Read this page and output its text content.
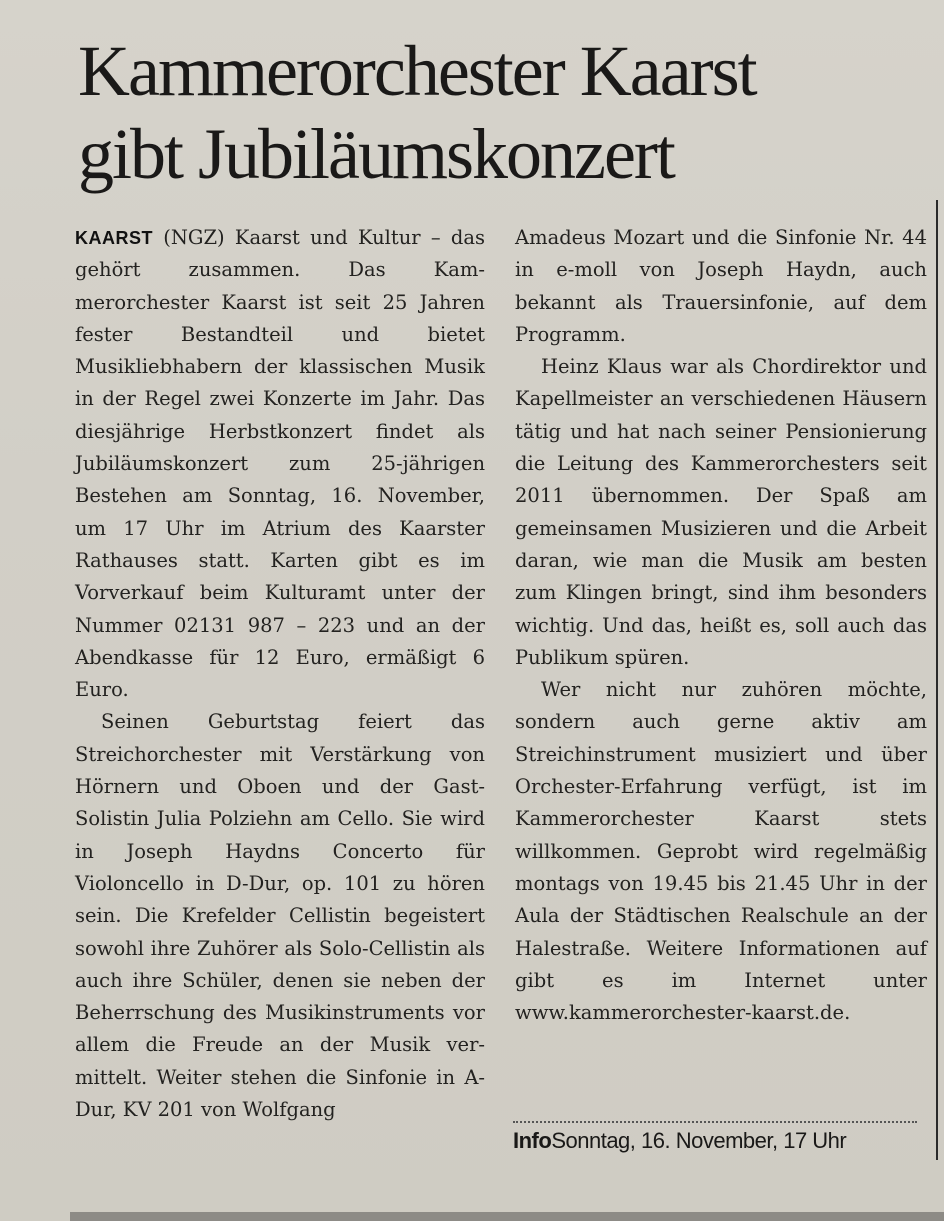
Kammerorchester Kaarst
gibt Jubiläumskonzert

KAARST (NGZ) Kaarst und Kultur – das gehört zusammen. Das Kammerorchester Kaarst ist seit 25 Jahren fester Bestandteil und bietet Musikliebhabern der klassischen Musik in der Regel zwei Konzerte im Jahr. Das diesjährige Herbstkonzert findet als Jubiläumskonzert zum 25-jährigen Bestehen am Sonntag, 16. November, um 17 Uhr im Atrium des Kaarster Rathauses statt. Karten gibt es im Vorverkauf beim Kulturamt unter der Nummer 02131 987 – 223 und an der Abendkasse für 12 Euro, ermäßigt 6 Euro.

Seinen Geburtstag feiert das Streichorchester mit Verstärkung von Hörnern und Oboen und der Gast-Solistin Julia Polziehn am Cello. Sie wird in Joseph Haydns Concerto für Violoncello in D-Dur, op. 101 zu hören sein. Die Krefelder Cellistin begeistert sowohl ihre Zuhörer als Solo-Cellistin als auch ihre Schüler, denen sie neben der Beherrschung des Musikinstruments vor allem die Freude an der Musik vermittelt. Weiter stehen die Sinfonie in A-Dur, KV 201 von Wolfgang

Amadeus Mozart und die Sinfonie Nr. 44 in e-moll von Joseph Haydn, auch bekannt als Trauersinfonie, auf dem Programm.

Heinz Klaus war als Chordirektor und Kapellmeister an verschiedenen Häusern tätig und hat nach seiner Pensionierung die Leitung des Kammerorchesters seit 2011 übernommen. Der Spaß am gemeinsamen Musizieren und die Arbeit daran, wie man die Musik am besten zum Klingen bringt, sind ihm besonders wichtig. Und das, heißt es, soll auch das Publikum spüren.

Wer nicht nur zuhören möchte, sondern auch gerne aktiv am Streichinstrument musiziert und über Orchester-Erfahrung verfügt, ist im Kammerorchester Kaarst stets willkommen. Geprobt wird regelmäßig montags von 19.45 bis 21.45 Uhr in der Aula der Städtischen Realschule an der Halestraße. Weitere Informationen auf gibt es im Internet unter www.kammerorchester-kaarst.de.

InfoSonntag, 16. November, 17 Uhr
